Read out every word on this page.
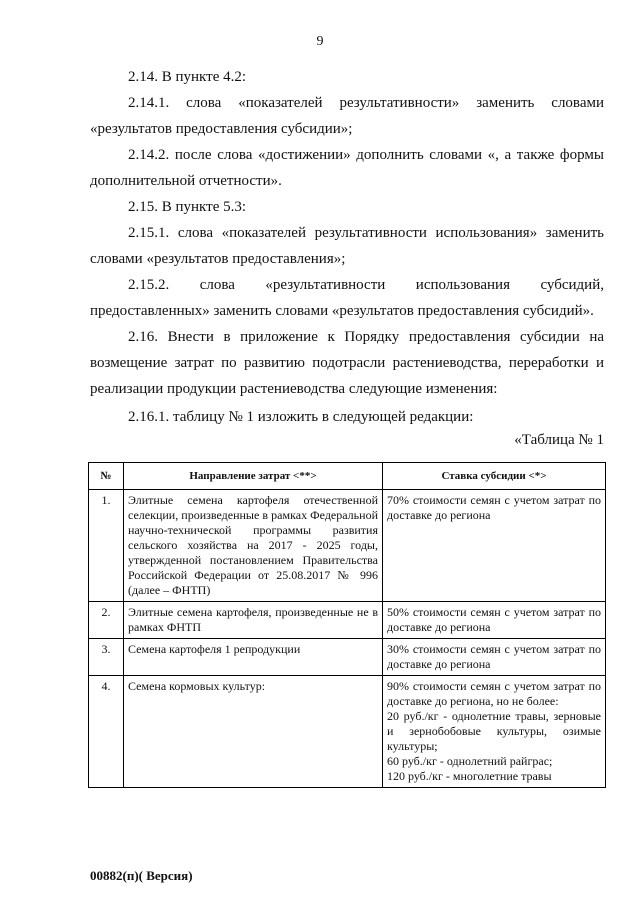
9
2.14. В пункте 4.2:
2.14.1. слова «показателей результативности» заменить словами «результатов предоставления субсидии»;
2.14.2. после слова «достижении» дополнить словами «, а также формы дополнительной отчетности».
2.15. В пункте 5.3:
2.15.1. слова «показателей результативности использования» заменить словами «результатов предоставления»;
2.15.2. слова «результативности использования субсидий, предоставленных» заменить словами «результатов предоставления субсидий».
2.16. Внести в приложение к Порядку предоставления субсидии на возмещение затрат по развитию подотрасли растениеводства, переработки и реализации продукции растениеводства следующие изменения:
2.16.1. таблицу № 1 изложить в следующей редакции:
«Таблица № 1
№	Направление затрат <**>	Ставка субсидии <*>
1.	Элитные семена картофеля отечественной селекции, произведенные в рамках Федеральной научно-технической программы развития сельского хозяйства на 2017 - 2025 годы, утвержденной постановлением Правительства Российской Федерации от 25.08.2017 № 996 (далее – ФНТП)	70% стоимости семян с учетом затрат по доставке до региона

2.	Элитные семена картофеля, произведенные не в рамках ФНТП	50% стоимости семян с учетом затрат по доставке до региона

3.	Семена картофеля 1 репродукции	30% стоимости семян с учетом затрат по доставке до региона

4.	Семена кормовых культур:	90% стоимости семян с учетом затрат по доставке до региона, но не более:
20 руб./кг - однолетние травы, зерновые и зернобобовые культуры, озимые культуры;
60 руб./кг - однолетний райграс;
120 руб./кг - многолетние травы
00882(п)( Версия)
